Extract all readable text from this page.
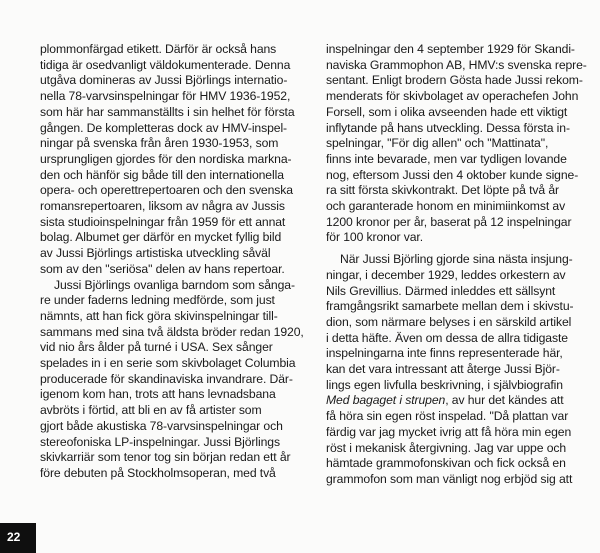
plommonfärgad etikett. Därför är också hans
tidiga är osedvanligt väldokumenterade. Denna
utgåva domineras av Jussi Björlings internatio-
nella 78-varvsinspelningar för HMV 1936-1952,
som här har sammanställts i sin helhet för första
gången. De kompletteras dock av HMV-inspel-
ningar på svenska från åren 1930-1953, som
ursprungligen gjordes för den nordiska markna-
den och hänför sig både till den internationella
opera- och operettrepertoaren och den svenska
romansrepertoaren, liksom av några av Jussis
sista studioinspelningar från 1959 för ett annat
bolag. Albumet ger därför en mycket fyllig bild
av Jussi Björlings artistiska utveckling såväl
som av den "seriösa" delen av hans repertoar.
Jussi Björlings ovanliga barndom som sånga-
re under faderns ledning medförde, som just
nämnts, att han fick göra skivinspelningar till-
sammans med sina två äldsta bröder redan 1920,
vid nio års ålder på turné i USA. Sex sånger
spelades in i en serie som skivbolaget Columbia
producerade för skandinaviska invandrare. Där-
igenom kom han, trots att hans levnadsbana
avbröts i förtid, att bli en av få artister som
gjort både akustiska 78-varvsinspelningar och
stereofoniska LP-inspelningar. Jussi Björlings
skivkarriär som tenor tog sin början redan ett år
före debuten på Stockholmsoperan, med två
inspelningar den 4 september 1929 för Skandi-
naviska Grammophon AB, HMV:s svenska repre-
sentant. Enligt brodern Gösta hade Jussi rekom-
menderats för skivbolaget av operachefen John
Forsell, som i olika avseenden hade ett viktigt
inflytande på hans utveckling. Dessa första in-
spelningar, "För dig allen" och "Mattinata",
finns inte bevarade, men var tydligen lovande
nog, eftersom Jussi den 4 oktober kunde signe-
ra sitt första skivkontrakt. Det löpte på två år
och garanterade honom en minimiinkomst av
1200 kronor per år, baserat på 12 inspelningar
för 100 kronor var.
När Jussi Björling gjorde sina nästa insjung-
ningar, i december 1929, leddes orkestern av
Nils Grevillius. Därmed inleddes ett sällsynt
framgångsrikt samarbete mellan dem i skivstu-
dion, som närmare belyses i en särskild artikel
i detta häfte. Även om dessa de allra tidigaste
inspelningarna inte finns representerade här,
kan det vara intressant att återge Jussi Björ-
lings egen livfulla beskrivning, i självbiografin
Med bagaget i strupen, av hur det kändes att
få höra sin egen röst inspelad. "Då plattan var
färdig var jag mycket ivrig att få höra min egen
röst i mekanisk återgivning. Jag var uppe och
hämtade grammofonskivan och fick också en
grammofon som man vänligt nog erbjöd sig att
22
